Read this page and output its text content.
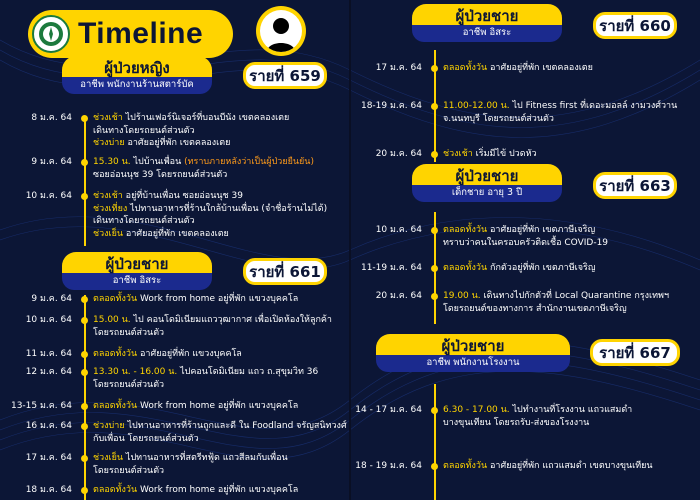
Timeline
ผู้ป่วยหญิง
อาชีพ พนักงานร้านสตาร์บัค	รายที่ 659
8 ม.ค. 64 ช่วงเช้า ไปร้านเฟอร์นิเจอร์ที่บอนบีนัง เขตคลองเตย
เดินทางโดยรถยนต์ส่วนตัว
ช่วงบ่าย อาศัยอยู่ที่พัก เขตคลองเตย
9 ม.ค. 64 15.30 น. ไปบ้านเพื่อน (ทราบภายหลังว่าเป็นผู้ป่วยยืนยัน)
ซอยอ่อนนุช 39 โดยรถยนต์ส่วนตัว
10 ม.ค. 64 ช่วงเช้า อยู่ที่บ้านเพื่อน ซอยอ่อนนุช 39
ช่วงเที่ยง ไปทานอาหารที่ร้านใกล้บ้านเพื่อน (จำชื่อร้านไม่ได้)
เดินทางโดยรถยนต์ส่วนตัว
ช่วงเย็น อาศัยอยู่ที่พัก เขตคลองเตย
ผู้ป่วยชาย
อาชีพ อิสระ	รายที่ 661
9 ม.ค. 64 ตลอดทั้งวัน Work from home อยู่ที่พัก แขวงบุคคโล
10 ม.ค. 64 15.00 น. ไป คอนโดมิเนียมแถววุฒากาศ เพื่อเปิดห้องให้ลูกค้า
โดยรถยนต์ส่วนตัว
11 ม.ค. 64 ตลอดทั้งวัน อาศัยอยู่ที่พัก แขวงบุคคโล
12 ม.ค. 64 13.30 น. - 16.00 น. ไปคอนโดมิเนียม แถว ถ.สุขุมวิท 36
โดยรถยนต์ส่วนตัว
13-15 ม.ค. 64 ตลอดทั้งวัน Work from home อยู่ที่พัก แขวงบุคคโล
16 ม.ค. 64 ช่วงบ่าย ไปทานอาหารที่ร้านถูกและดี ใน Foodland จรัญสนิทวงศ์
กับเพื่อน โดยรถยนต์ส่วนตัว
17 ม.ค. 64 ช่วงเย็น ไปทานอาหารที่สตรีทฟู้ด แถวสีลมกับเพื่อน
โดยรถยนต์ส่วนตัว
18 ม.ค. 64 ตลอดทั้งวัน Work from home อยู่ที่พัก แขวงบุคคโล
ผู้ป่วยชาย
อาชีพ อิสระ	รายที่ 660
17 ม.ค. 64 ตลอดทั้งวัน อาศัยอยู่ที่พัก เขตคลองเตย
18-19 ม.ค. 64 11.00-12.00 น. ไป Fitness first ที่เดอะมอลล์ งามวงศ์วาน
จ.นนทบุรี โดยรถยนต์ส่วนตัว
20 ม.ค. 64 ช่วงเช้า เริ่มมีไข้ ปวดหัว
ผู้ป่วยชาย
เด็กชาย อายุ 3 ปี	รายที่ 663
10 ม.ค. 64 ตลอดทั้งวัน อาศัยอยู่ที่พัก เขตภาษีเจริญ
ทราบว่าคนในครอบครัวติดเชื้อ COVID-19
11-19 ม.ค. 64 ตลอดทั้งวัน กักตัวอยู่ที่พัก เขตภาษีเจริญ
20 ม.ค. 64 19.00 น. เดินทางไปกักตัวที่ Local Quarantine กรุงเทพฯ
โดยรถยนต์ของทางการ สำนักงานเขตภาษีเจริญ
ผู้ป่วยชาย
อาชีพ พนักงานโรงงาน
รายที่ 667
14 - 17 ม.ค. 64 6.30 - 17.00 น. ไปทำงานที่โรงงาน แถวแสมดำ
บางขุนเทียน โดยรถรับ-ส่งของโรงงาน
18 - 19 ม.ค. 64 ตลอดทั้งวัน อาศัยอยู่ที่พัก แถวแสมดำ เขตบางขุนเทียน
